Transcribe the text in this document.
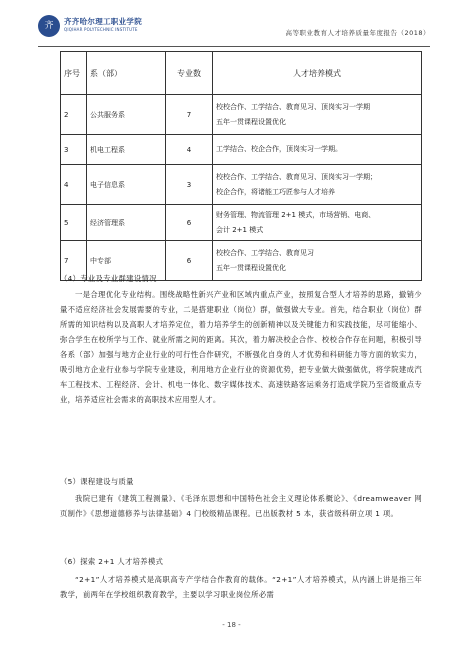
齐	齐齐哈尔理工职业学院
QIQIHAR POLYTECHNIC INSTITUTE	高等职业教育人才培养质量年度报告（2018）
序号	系（部）	专业数	人才培养模式
2	公共服务系	7	校校合作、工学结合、教育见习、顶岗实习一学期
五年一贯课程设置优化

3	机电工程系	4	工学结合、校企合作，顶岗实习一学期。

4	电子信息系	3	校校合作、工学结合、教育见习、顶岗实习一学期；
校企合作，将诸能工巧匠参与人才培养

5	经济管理系	6	财务管理、物流管理 2+1 模式，市场营销、电商、
会计 2+1 模式

7	中专部	6	校校合作、工学结合、教育见习
五年一贯课程设置优化
（4）专业及专业群建设情况
一是合理优化专业结构。围绕战略性新兴产业和区域内重点产业，按照复合型人才培养的思路，撤销少量不适应经济社会发展需要的专业，二是搭建职业（岗位）群，做强做大专业。首先，结合职业（岗位）群所需的知识结构以及高职人才培养定位，着力培养学生的创新精神以及关键能力和实践技能，尽可能缩小、弥合学生在校所学与工作、就业所需之间的距离。其次，着力解决校企合作、校校合作存在问题，积极引导各系（部）加强与地方企业行业的可行性合作研究，不断强化自身的人才优势和科研能力等方面的软实力，吸引地方企业行业参与学院专业建设，利用地方企业行业的资源优势，把专业做大做强做优，将学院建成汽车工程技术、工程经济、会计、机电一体化、数字媒体技术、高速铁路客运乘务打造成学院乃至省级重点专业，培养适应社会需求的高职技术应用型人才。
（5）课程建设与质量
我院已建有《建筑工程测量》、《毛泽东思想和中国特色社会主义理论体系概论》、《dreamweaver 网页制作》《思想道德修养与法律基础》4 门校级精品课程。已出版教材 5 本，获省级科研立项 1 项。
（6）探索 2+1 人才培养模式
“2+1”人才培养模式是高职高专产学结合作教育的载体。“2+1”人才培养模式，从内涵上讲是指三年教学，前两年在学校组织教育教学，主要以学习职业岗位所必需
- 18 -
